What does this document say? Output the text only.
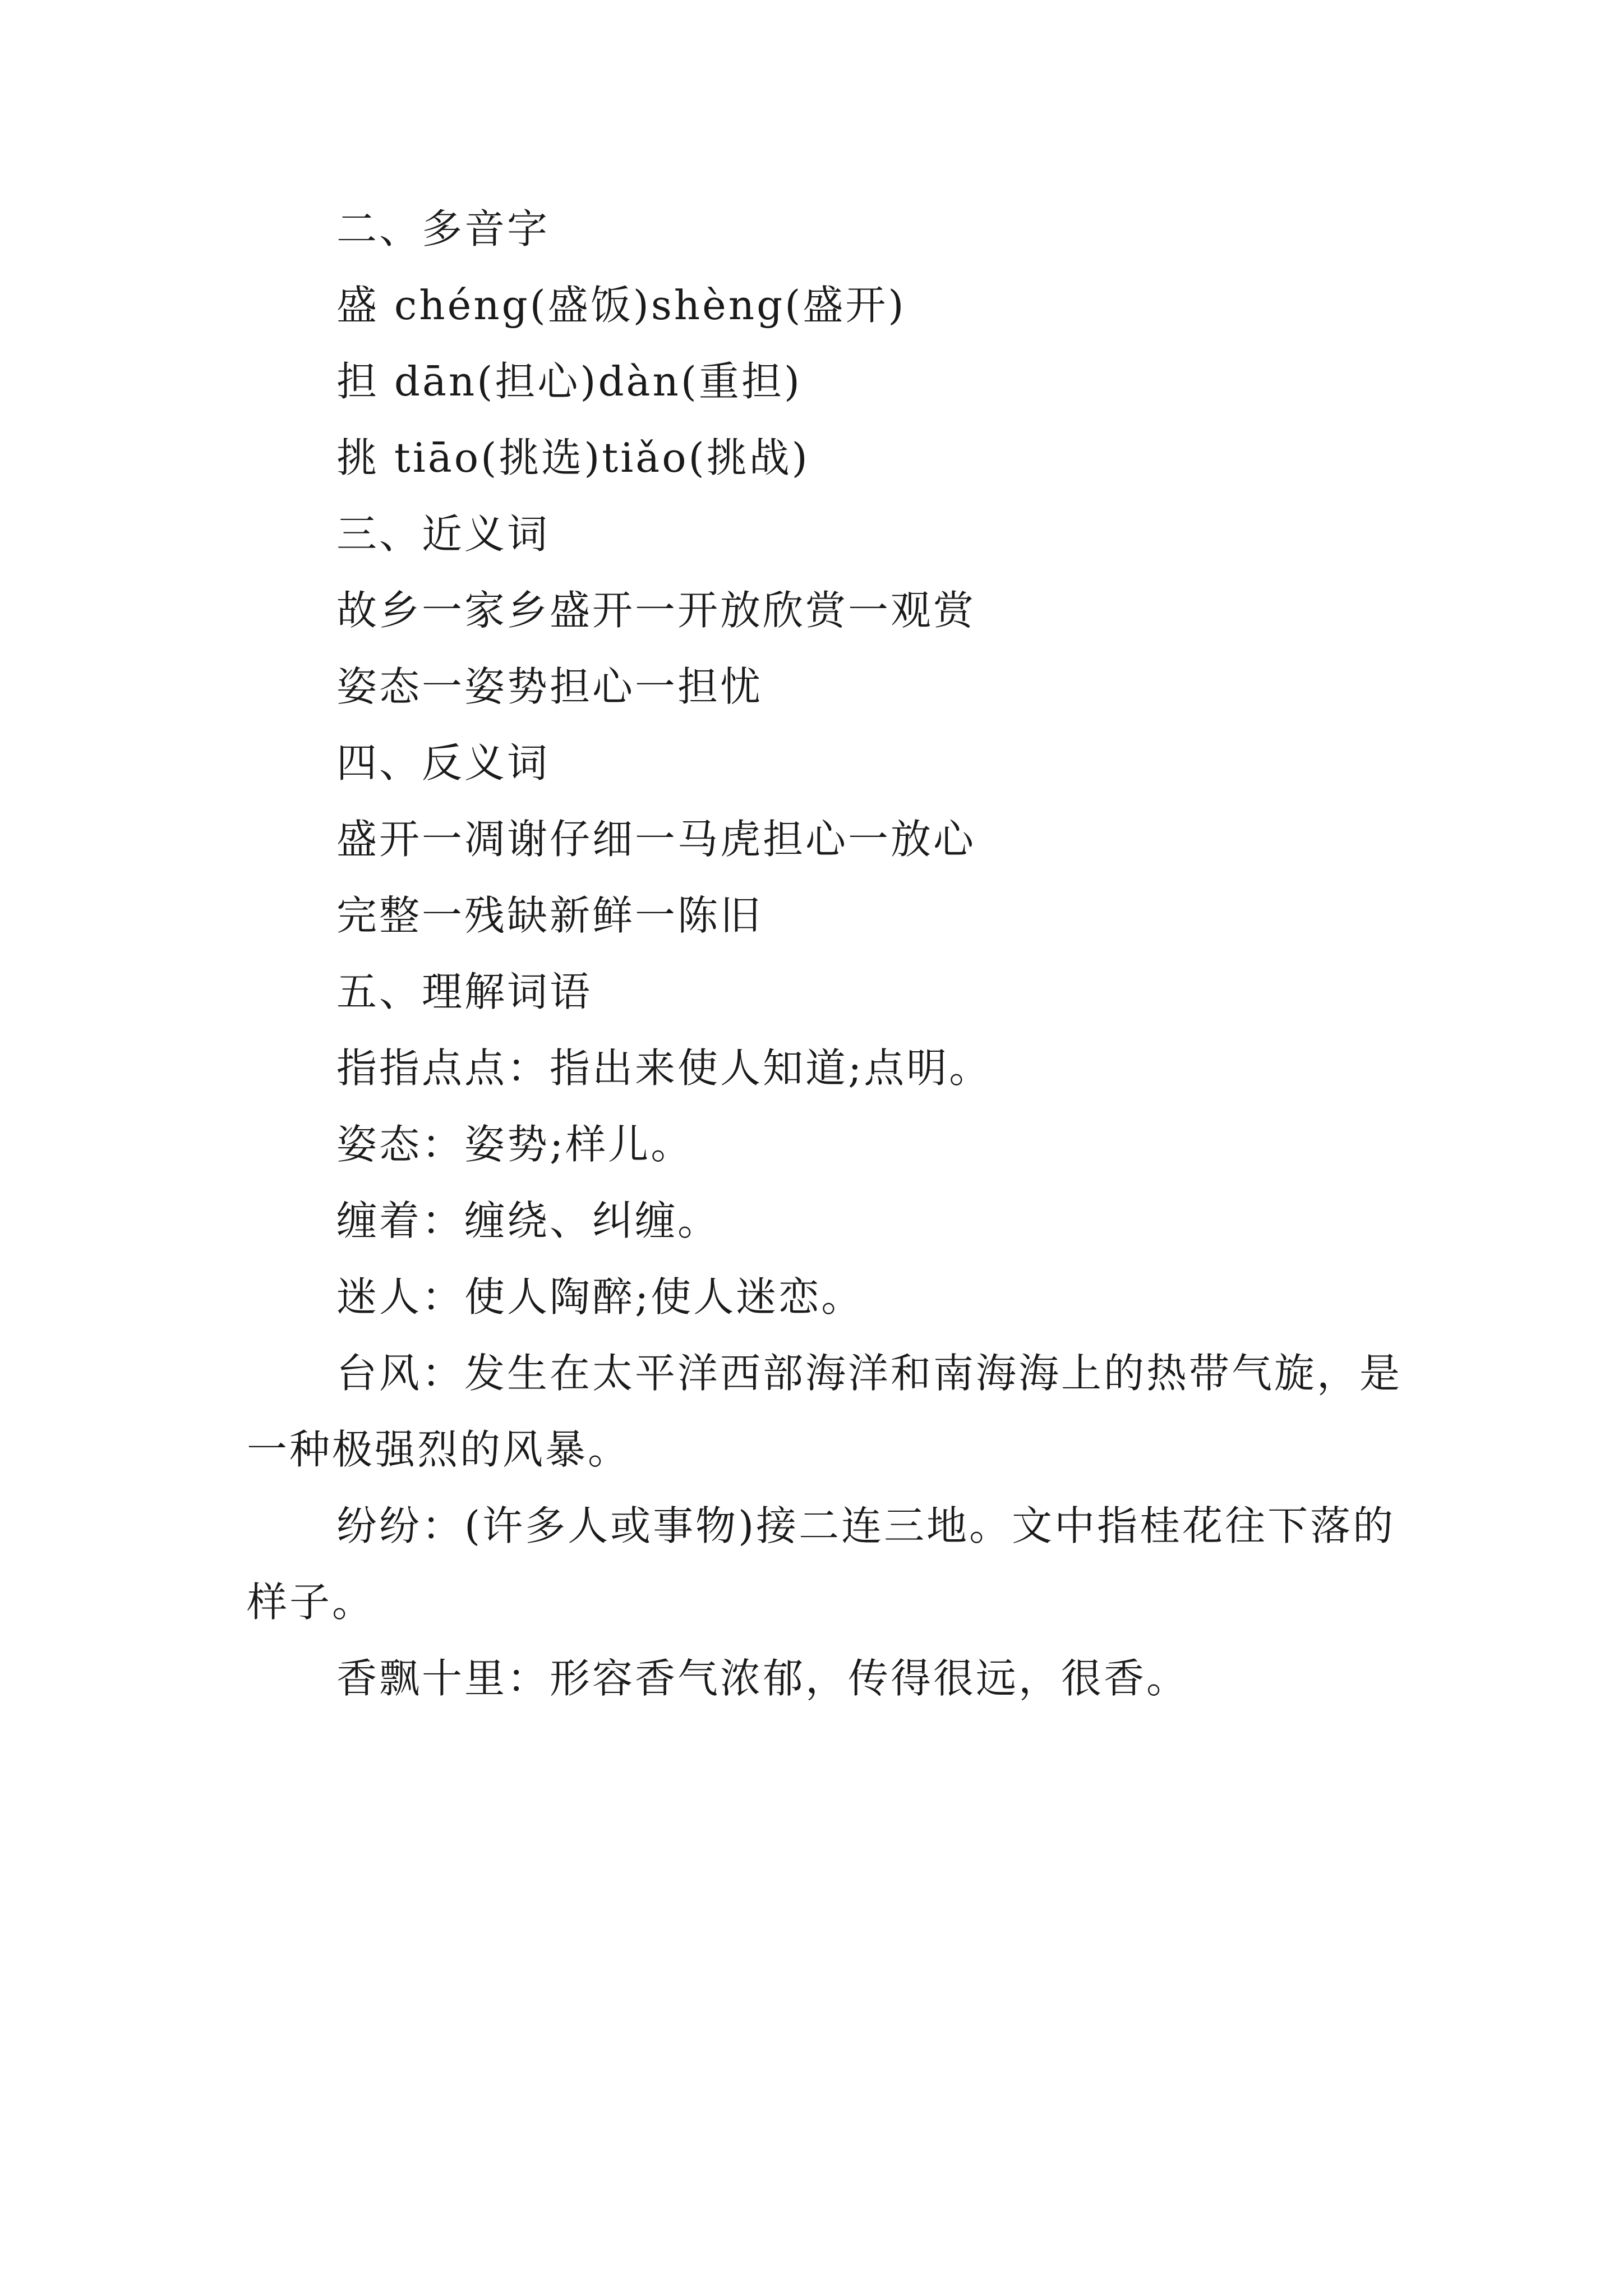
二、多音字
盛 chéng(盛饭)shèng(盛开)
担 dān(担心)dàn(重担)
挑 tiāo(挑选)tiǎo(挑战)
三、近义词
故乡一家乡盛开一开放欣赏一观赏
姿态一姿势担心一担忧
四、反义词
盛开一凋谢仔细一马虎担心一放心
完整一残缺新鲜一陈旧
五、理解词语
指指点点：指出来使人知道;点明。
姿态：姿势;样儿。
缠着：缠绕、纠缠。
迷人：使人陶醉;使人迷恋。
台风：发生在太平洋西部海洋和南海海上的热带气旋，是一种极强烈的风暴。
纷纷：(许多人或事物)接二连三地。文中指桂花往下落的样子。
香飘十里：形容香气浓郁，传得很远，很香。
